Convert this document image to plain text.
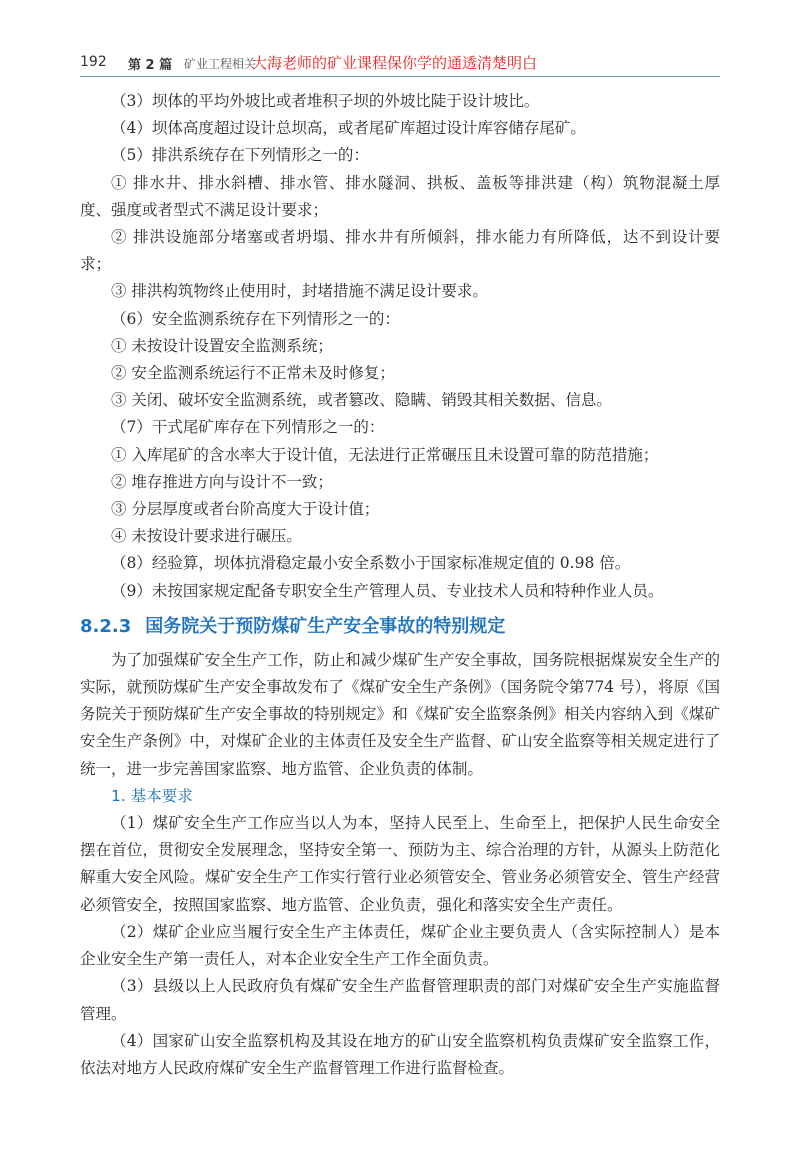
192 第 2 篇 矿业工程相关
大海老师的矿业课程保你学的通透清楚明白

（3）坝体的平均外坡比或者堆积子坝的外坡比陡于设计坡比。

（4）坝体高度超过设计总坝高，或者尾矿库超过设计库容储存尾矿。

（5）排洪系统存在下列情形之一的：

① 排水井、排水斜槽、排水管、排水隧洞、拱板、盖板等排洪建（构）筑物混凝土厚度、强度或者型式不满足设计要求；

② 排洪设施部分堵塞或者坍塌、排水井有所倾斜，排水能力有所降低，达不到设计要求；

③ 排洪构筑物终止使用时，封堵措施不满足设计要求。

（6）安全监测系统存在下列情形之一的：

① 未按设计设置安全监测系统；

② 安全监测系统运行不正常未及时修复；

③ 关闭、破坏安全监测系统，或者篡改、隐瞒、销毁其相关数据、信息。

（7）干式尾矿库存在下列情形之一的：

① 入库尾矿的含水率大于设计值，无法进行正常碾压且未设置可靠的防范措施；

② 堆存推进方向与设计不一致；

③ 分层厚度或者台阶高度大于设计值；

④ 未按设计要求进行碾压。

（8）经验算，坝体抗滑稳定最小安全系数小于国家标准规定值的 0.98 倍。

（9）未按国家规定配备专职安全生产管理人员、专业技术人员和特种作业人员。

8.2.3 国务院关于预防煤矿生产安全事故的特别规定

为了加强煤矿安全生产工作，防止和减少煤矿生产安全事故，国务院根据煤炭安全生产的实际，就预防煤矿生产安全事故发布了《煤矿安全生产条例》（国务院令第774 号），将原《国务院关于预防煤矿生产安全事故的特别规定》和《煤矿安全监察条例》相关内容纳入到《煤矿安全生产条例》中，对煤矿企业的主体责任及安全生产监督、矿山安全监察等相关规定进行了统一，进一步完善国家监察、地方监管、企业负责的体制。

1. 基本要求

（1）煤矿安全生产工作应当以人为本，坚持人民至上、生命至上，把保护人民生命安全摆在首位，贯彻安全发展理念，坚持安全第一、预防为主、综合治理的方针，从源头上防范化解重大安全风险。煤矿安全生产工作实行管行业必须管安全、管业务必须管安全、管生产经营必须管安全，按照国家监察、地方监管、企业负责，强化和落实安全生产责任。

（2）煤矿企业应当履行安全生产主体责任，煤矿企业主要负责人（含实际控制人）是本企业安全生产第一责任人，对本企业安全生产工作全面负责。

（3）县级以上人民政府负有煤矿安全生产监督管理职责的部门对煤矿安全生产实施监督管理。

（4）国家矿山安全监察机构及其设在地方的矿山安全监察机构负责煤矿安全监察工作，依法对地方人民政府煤矿安全生产监督管理工作进行监督检查。
